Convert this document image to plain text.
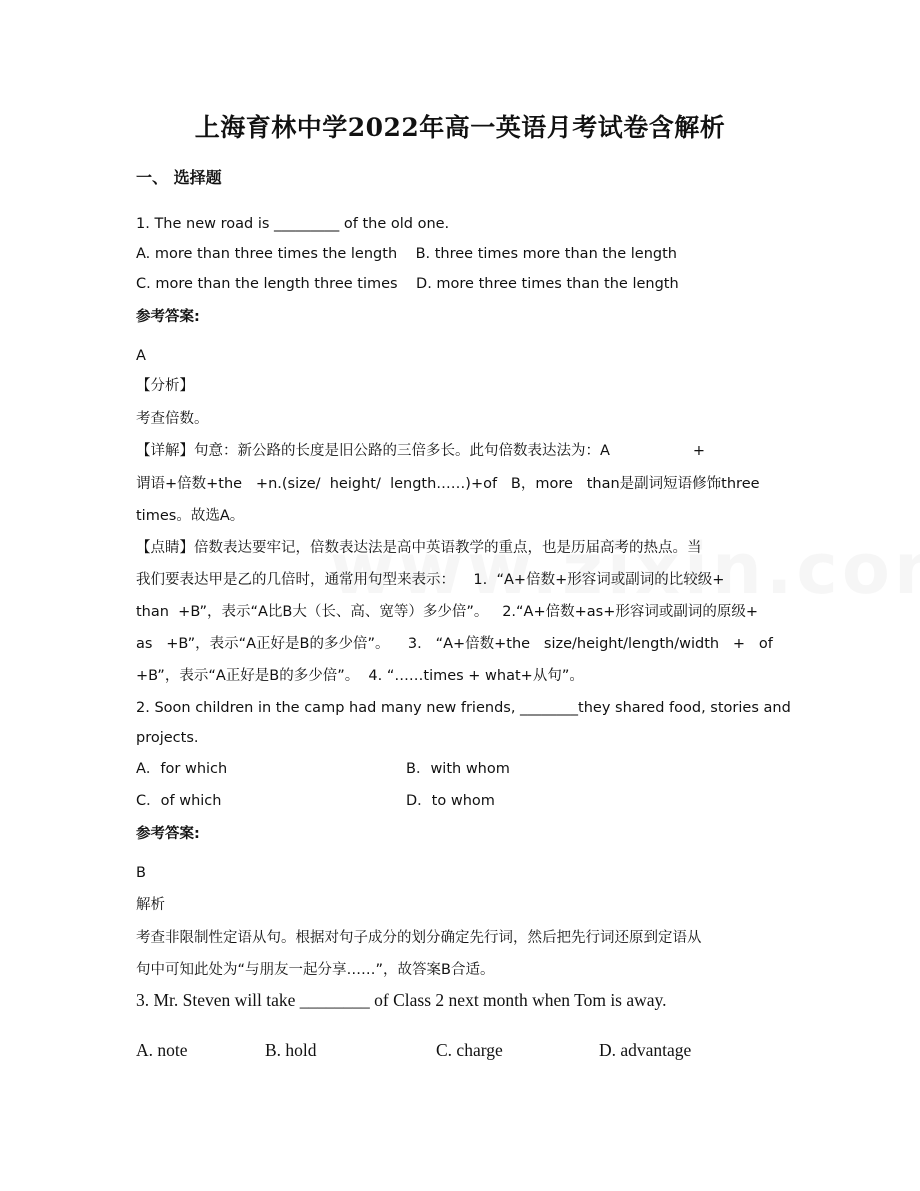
上海育林中学2022年高一英语月考试卷含解析
一、 选择题
1. The new road is _________ of the old one.
A. more than three times the length B. three times more than the length
C. more than the length three times D. more three times than the length
参考答案:
A
【分析】
考查倍数。
【详解】句意：新公路的长度是旧公路的三倍多长。此句倍数表达法为：A                  +
谓语+倍数+the   +n.(size/  height/  length……)+of   B，more   than是副词短语修饰three
times。故选A。
【点睛】倍数表达要牢记，倍数表达法是高中英语教学的重点，也是历届高考的热点。当
我们要表达甲是乙的几倍时，通常用句型来表示：    1.  “A+倍数+形容词或副词的比较级+
than  +B”，表示“A比B大（长、高、宽等）多少倍”。   2.“A+倍数+as+形容词或副词的原级+
as   +B”，表示“A正好是B的多少倍”。    3.   “A+倍数+the   size/height/length/width   +   of
+B”，表示“A正好是B的多少倍”。  4. “……times + what+从句”。
2. Soon children in the camp had many new friends, ________they shared food, stories and
projects.
A．for which	B．with whom
C．of which	D．to whom
参考答案:
B
解析
考查非限制性定语从句。根据对句子成分的划分确定先行词，然后把先行词还原到定语从
句中可知此处为“与朋友一起分享……”，故答案B合适。
3. Mr. Steven will take ________ of Class 2 next month when Tom is away.
A. note	B. hold	C. charge	D. advantage
